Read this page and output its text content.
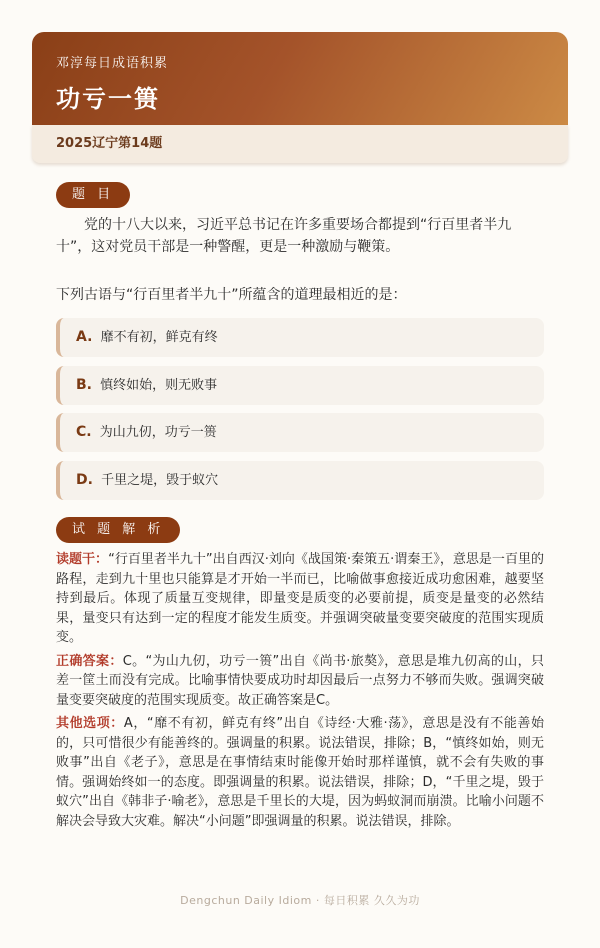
邓淳每日成语积累
功亏一篑
2025辽宁第14题
题 目
党的十八大以来，习近平总书记在许多重要场合都提到“行百里者半九十”，这对党员干部是一种警醒，更是一种激励与鞭策。
下列古语与“行百里者半九十”所蕴含的道理最相近的是：
A. 靡不有初，鲜克有终
B. 慎终如始，则无败事
C. 为山九仞，功亏一篑
D. 千里之堤，毁于蚁穴
试 题 解 析

读题干：“行百里者半九十”出自西汉·刘向《战国策·秦策五·谓秦王》，意思是一百里的路程，走到九十里也只能算是才开始一半而已，比喻做事愈接近成功愈困难，越要坚持到最后。体现了质量互变规律，即量变是质变的必要前提，质变是量变的必然结果，量变只有达到一定的程度才能发生质变。并强调突破量变要突破度的范围实现质变。

正确答案：C。“为山九仞，功亏一篑”出自《尚书·旅獒》，意思是堆九仞高的山，只差一筐土而没有完成。比喻事情快要成功时却因最后一点努力不够而失败。强调突破量变要突破度的范围实现质变。故正确答案是C。

其他选项：A，“靡不有初，鲜克有终”出自《诗经·大雅·荡》，意思是没有不能善始的，只可惜很少有能善终的。强调量的积累。说法错误，排除；B，“慎终如始，则无败事”出自《老子》，意思是在事情结束时能像开始时那样谨慎，就不会有失败的事情。强调始终如一的态度。即强调量的积累。说法错误，排除；D，“千里之堤，毁于蚁穴”出自《韩非子·喻老》，意思是千里长的大堤，因为蚂蚁洞而崩溃。比喻小问题不解决会导致大灾难。解决“小问题”即强调量的积累。说法错误，排除。

Dengchun Daily Idiom · 每日积累 久久为功
